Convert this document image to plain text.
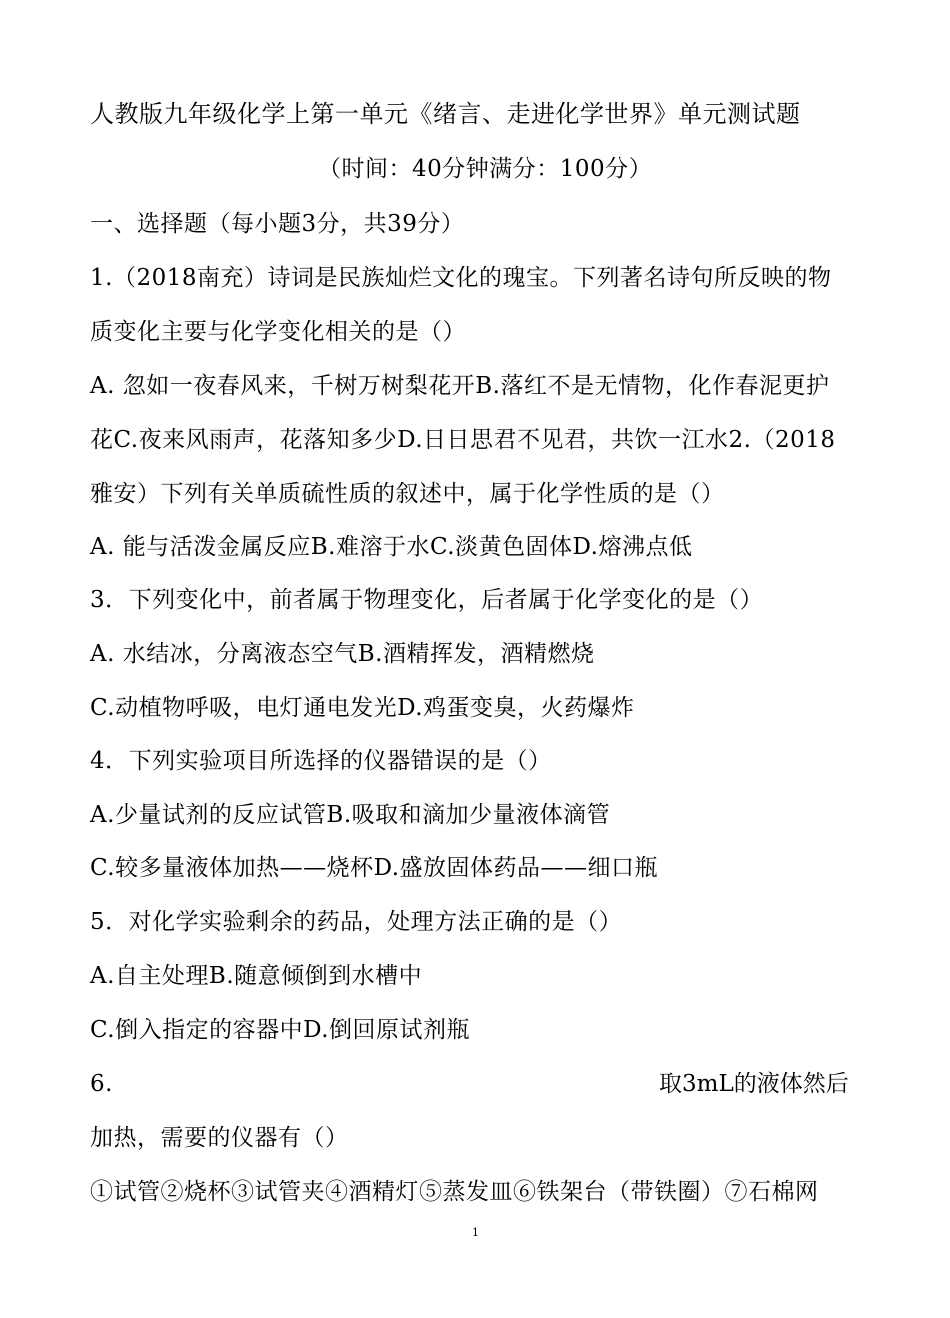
人教版九年级化学上第一单元《绪言、走进化学世界》单元测试题
（时间：40分钟满分：100分）
一、选择题（每小题3分，共39分）
1.（2018南充）诗词是民族灿烂文化的瑰宝。下列著名诗句所反映的物
质变化主要与化学变化相关的是（）
A. 忽如一夜春风来，千树万树梨花开B.落红不是无情物，化作春泥更护
花C.夜来风雨声，花落知多少D.日日思君不见君，共饮一江水2.（2018
雅安）下列有关单质硫性质的叙述中，属于化学性质的是（）
A. 能与活泼金属反应B.难溶于水C.淡黄色固体D.熔沸点低
3．下列变化中，前者属于物理变化，后者属于化学变化的是（）
A. 水结冰，分离液态空气B.酒精挥发，酒精燃烧
C.动植物呼吸，电灯通电发光D.鸡蛋变臭，火药爆炸
4．下列实验项目所选择的仪器错误的是（）
A.少量试剂的反应试管B.吸取和滴加少量液体滴管
C.较多量液体加热——烧杯D.盛放固体药品——细口瓶
5．对化学实验剩余的药品，处理方法正确的是（）
A.自主处理B.随意倾倒到水槽中
C.倒入指定的容器中D.倒回原试剂瓶
6.	取3mL的液体然后
加热，需要的仪器有（）
①试管②烧杯③试管夹④酒精灯⑤蒸发皿⑥铁架台（带铁圈）⑦石棉网
1
